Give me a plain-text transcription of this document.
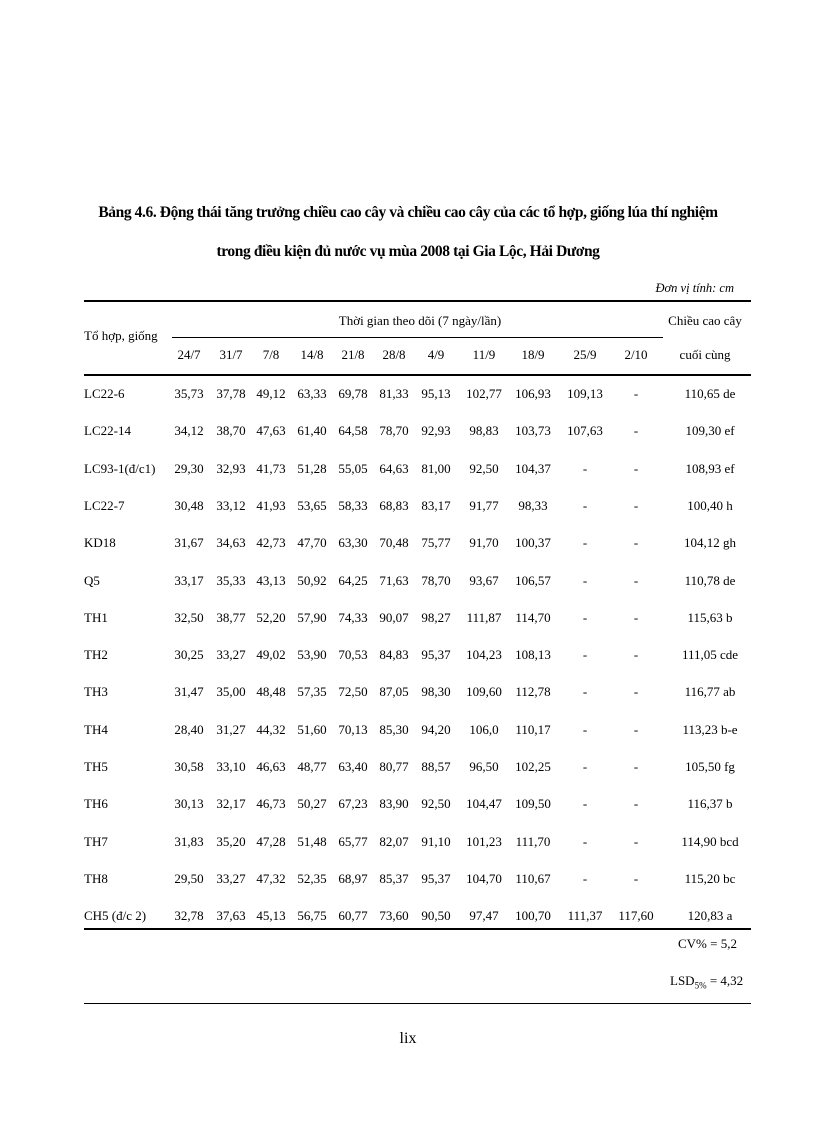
Bảng 4.6. Động thái tăng trưởng chiều cao cây và chiều cao cây của các tổ hợp, giống lúa thí nghiệm
trong điều kiện đủ nước vụ mùa 2008 tại Gia Lộc, Hải Dương
Đơn vị tính: cm
Tổ hợp, giống
Thời gian theo dõi (7 ngày/lần)	Chiều cao cây
cuối cùng
24/7 31/7 7/8 14/8 21/8 28/8 4/9 11/9 18/9 25/9 2/10
LC22-6	35,73 37,78 49,12 63,33 69,78 81,33 95,13 102,77 106,93 109,13 -	110,65 de
LC22-14	34,12 38,70 47,63 61,40 64,58 78,70 92,93 98,83 103,73 107,63 -	109,30 ef
LC93-1(đ/c1) 29,30 32,93 41,73 51,28 55,05 64,63 81,00 92,50 104,37 -	-	108,93 ef
LC22-7	30,48 33,12 41,93 53,65 58,33 68,83 83,17 91,77 98,33	-	-	100,40 h
KD18	31,67 34,63 42,73 47,70 63,30 70,48 75,77 91,70 100,37 -	-	104,12 gh
Q5	33,17 35,33 43,13 50,92 64,25 71,63 78,70 93,67 106,57 -	-	110,78 de
TH1	32,50 38,77 52,20 57,90 74,33 90,07 98,27 111,87 114,70 -	-	115,63 b
TH2	30,25 33,27 49,02 53,90 70,53 84,83 95,37 104,23 108,13 -	-	111,05 cde
TH3	31,47 35,00 48,48 57,35 72,50 87,05 98,30 109,60 112,78 -	-	116,77 ab
TH4	28,40 31,27 44,32 51,60 70,13 85,30 94,20 106,0 110,17 -	-	113,23 b-e
TH5	30,58 33,10 46,63 48,77 63,40 80,77 88,57 96,50 102,25 -	-	105,50 fg
TH6	30,13 32,17 46,73 50,27 67,23 83,90 92,50 104,47 109,50 -	-	116,37 b
TH7	31,83 35,20 47,28 51,48 65,77 82,07 91,10 101,23 111,70 -	-	114,90 bcd
TH8	29,50 33,27 47,32 52,35 68,97 85,37 95,37 104,70 110,67 -	-	115,20 bc
CH5 (đ/c 2) 32,78 37,63 45,13 56,75 60,77 73,60 90,50 97,47 100,70 111,37 117,60	120,83 a
CV% = 5,2
$LSD_{5\%} = 4,32$
lix
